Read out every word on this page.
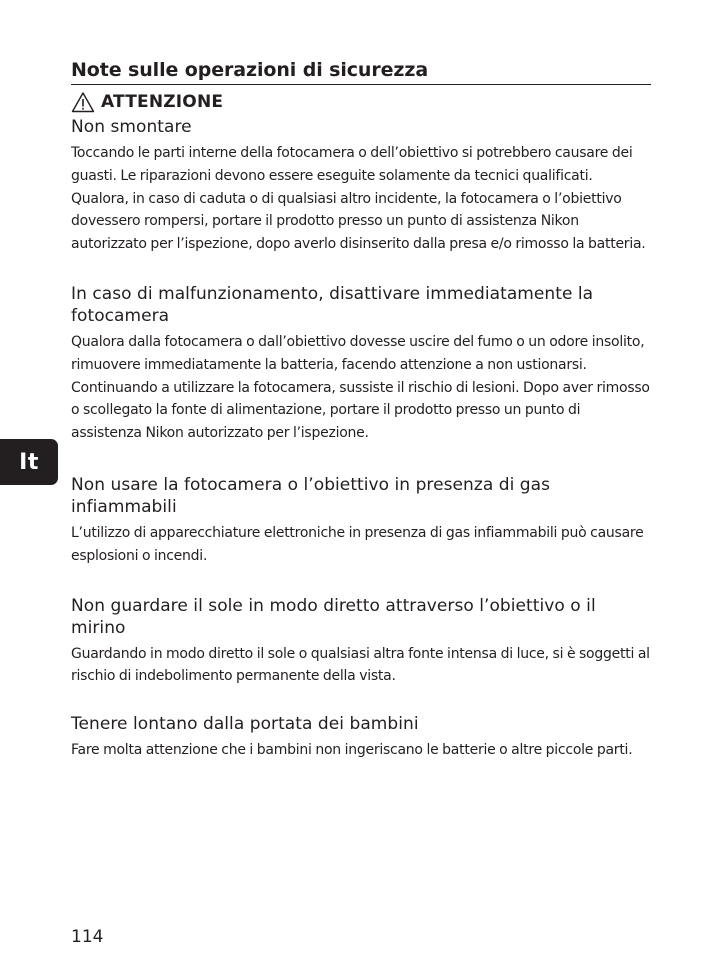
Note sulle operazioni di sicurezza
ATTENZIONE
Non smontare

Toccando le parti interne della fotocamera o dell’obiettivo si potrebbero causare dei guasti. Le riparazioni devono essere eseguite solamente da tecnici qualificati. Qualora, in caso di caduta o di qualsiasi altro incidente, la fotocamera o l’obiettivo dovessero rompersi, portare il prodotto presso un punto di assistenza Nikon autorizzato per l’ispezione, dopo averlo disinserito dalla presa e/o rimosso la batteria.

In caso di malfunzionamento, disattivare immediatamente la fotocamera

Qualora dalla fotocamera o dall’obiettivo dovesse uscire del fumo o un odore insolito, rimuovere immediatamente la batteria, facendo attenzione a non ustionarsi. Continuando a utilizzare la fotocamera, sussiste il rischio di lesioni. Dopo aver rimosso o scollegato la fonte di alimentazione, portare il prodotto presso un punto di assistenza Nikon autorizzato per l’ispezione.

Non usare la fotocamera o l’obiettivo in presenza di gas infiammabili

L’utilizzo di apparecchiature elettroniche in presenza di gas infiammabili può causare esplosioni o incendi.

Non guardare il sole in modo diretto attraverso l’obiettivo o il mirino

Guardando in modo diretto il sole o qualsiasi altra fonte intensa di luce, si è soggetti al rischio di indebolimento permanente della vista.

Tenere lontano dalla portata dei bambini

Fare molta attenzione che i bambini non ingeriscano le batterie o altre piccole parti.

It
114
